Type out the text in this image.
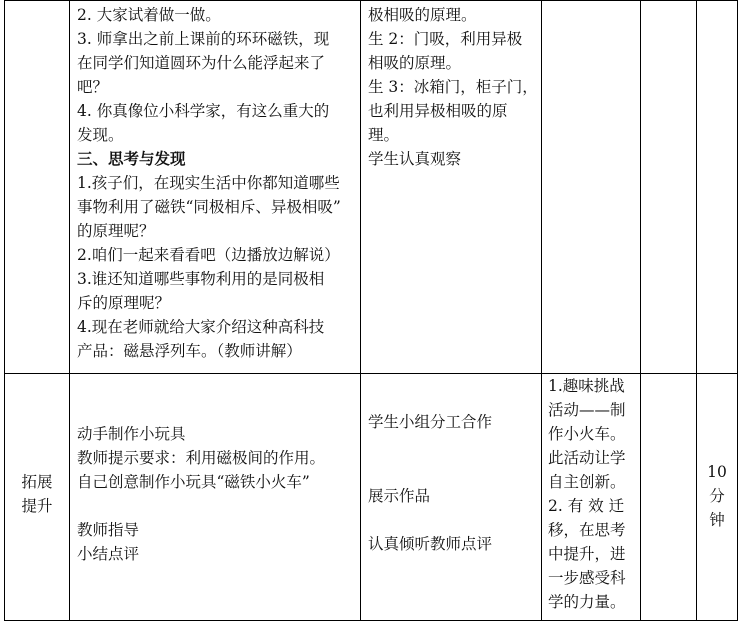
2. 大家试着做一做。

3. 师拿出之前上课前的环环磁铁，现

在同学们知道圆环为什么能浮起来了

吧？

4. 你真像位小科学家，有这么重大的

发现。

三、思考与发现

1.孩子们，在现实生活中你都知道哪些

事物利用了磁铁“同极相斥、异极相吸”

的原理呢？

2.咱们一起来看看吧（边播放边解说）

3.谁还知道哪些事物利用的是同极相

斥的原理呢？

4.现在老师就给大家介绍这种高科技

产品：磁悬浮列车。（教师讲解）

极相吸的原理。

生 2：门吸，利用异极

相吸的原理。

生 3：冰箱门，柜子门，

也利用异极相吸的原

理。

学生认真观察

拓展

提升

动手制作小玩具

教师提示要求：利用磁极间的作用。

自己创意制作小玩具“磁铁小火车”

教师指导

小结点评

学生小组分工合作

展示作品

认真倾听教师点评

1.趣味挑战

活动——制

作小火车。

此活动让学

自主创新。

2. 有 效 迁

移，在思考

中提升，进

一步感受科

学的力量。

10

分

钟
